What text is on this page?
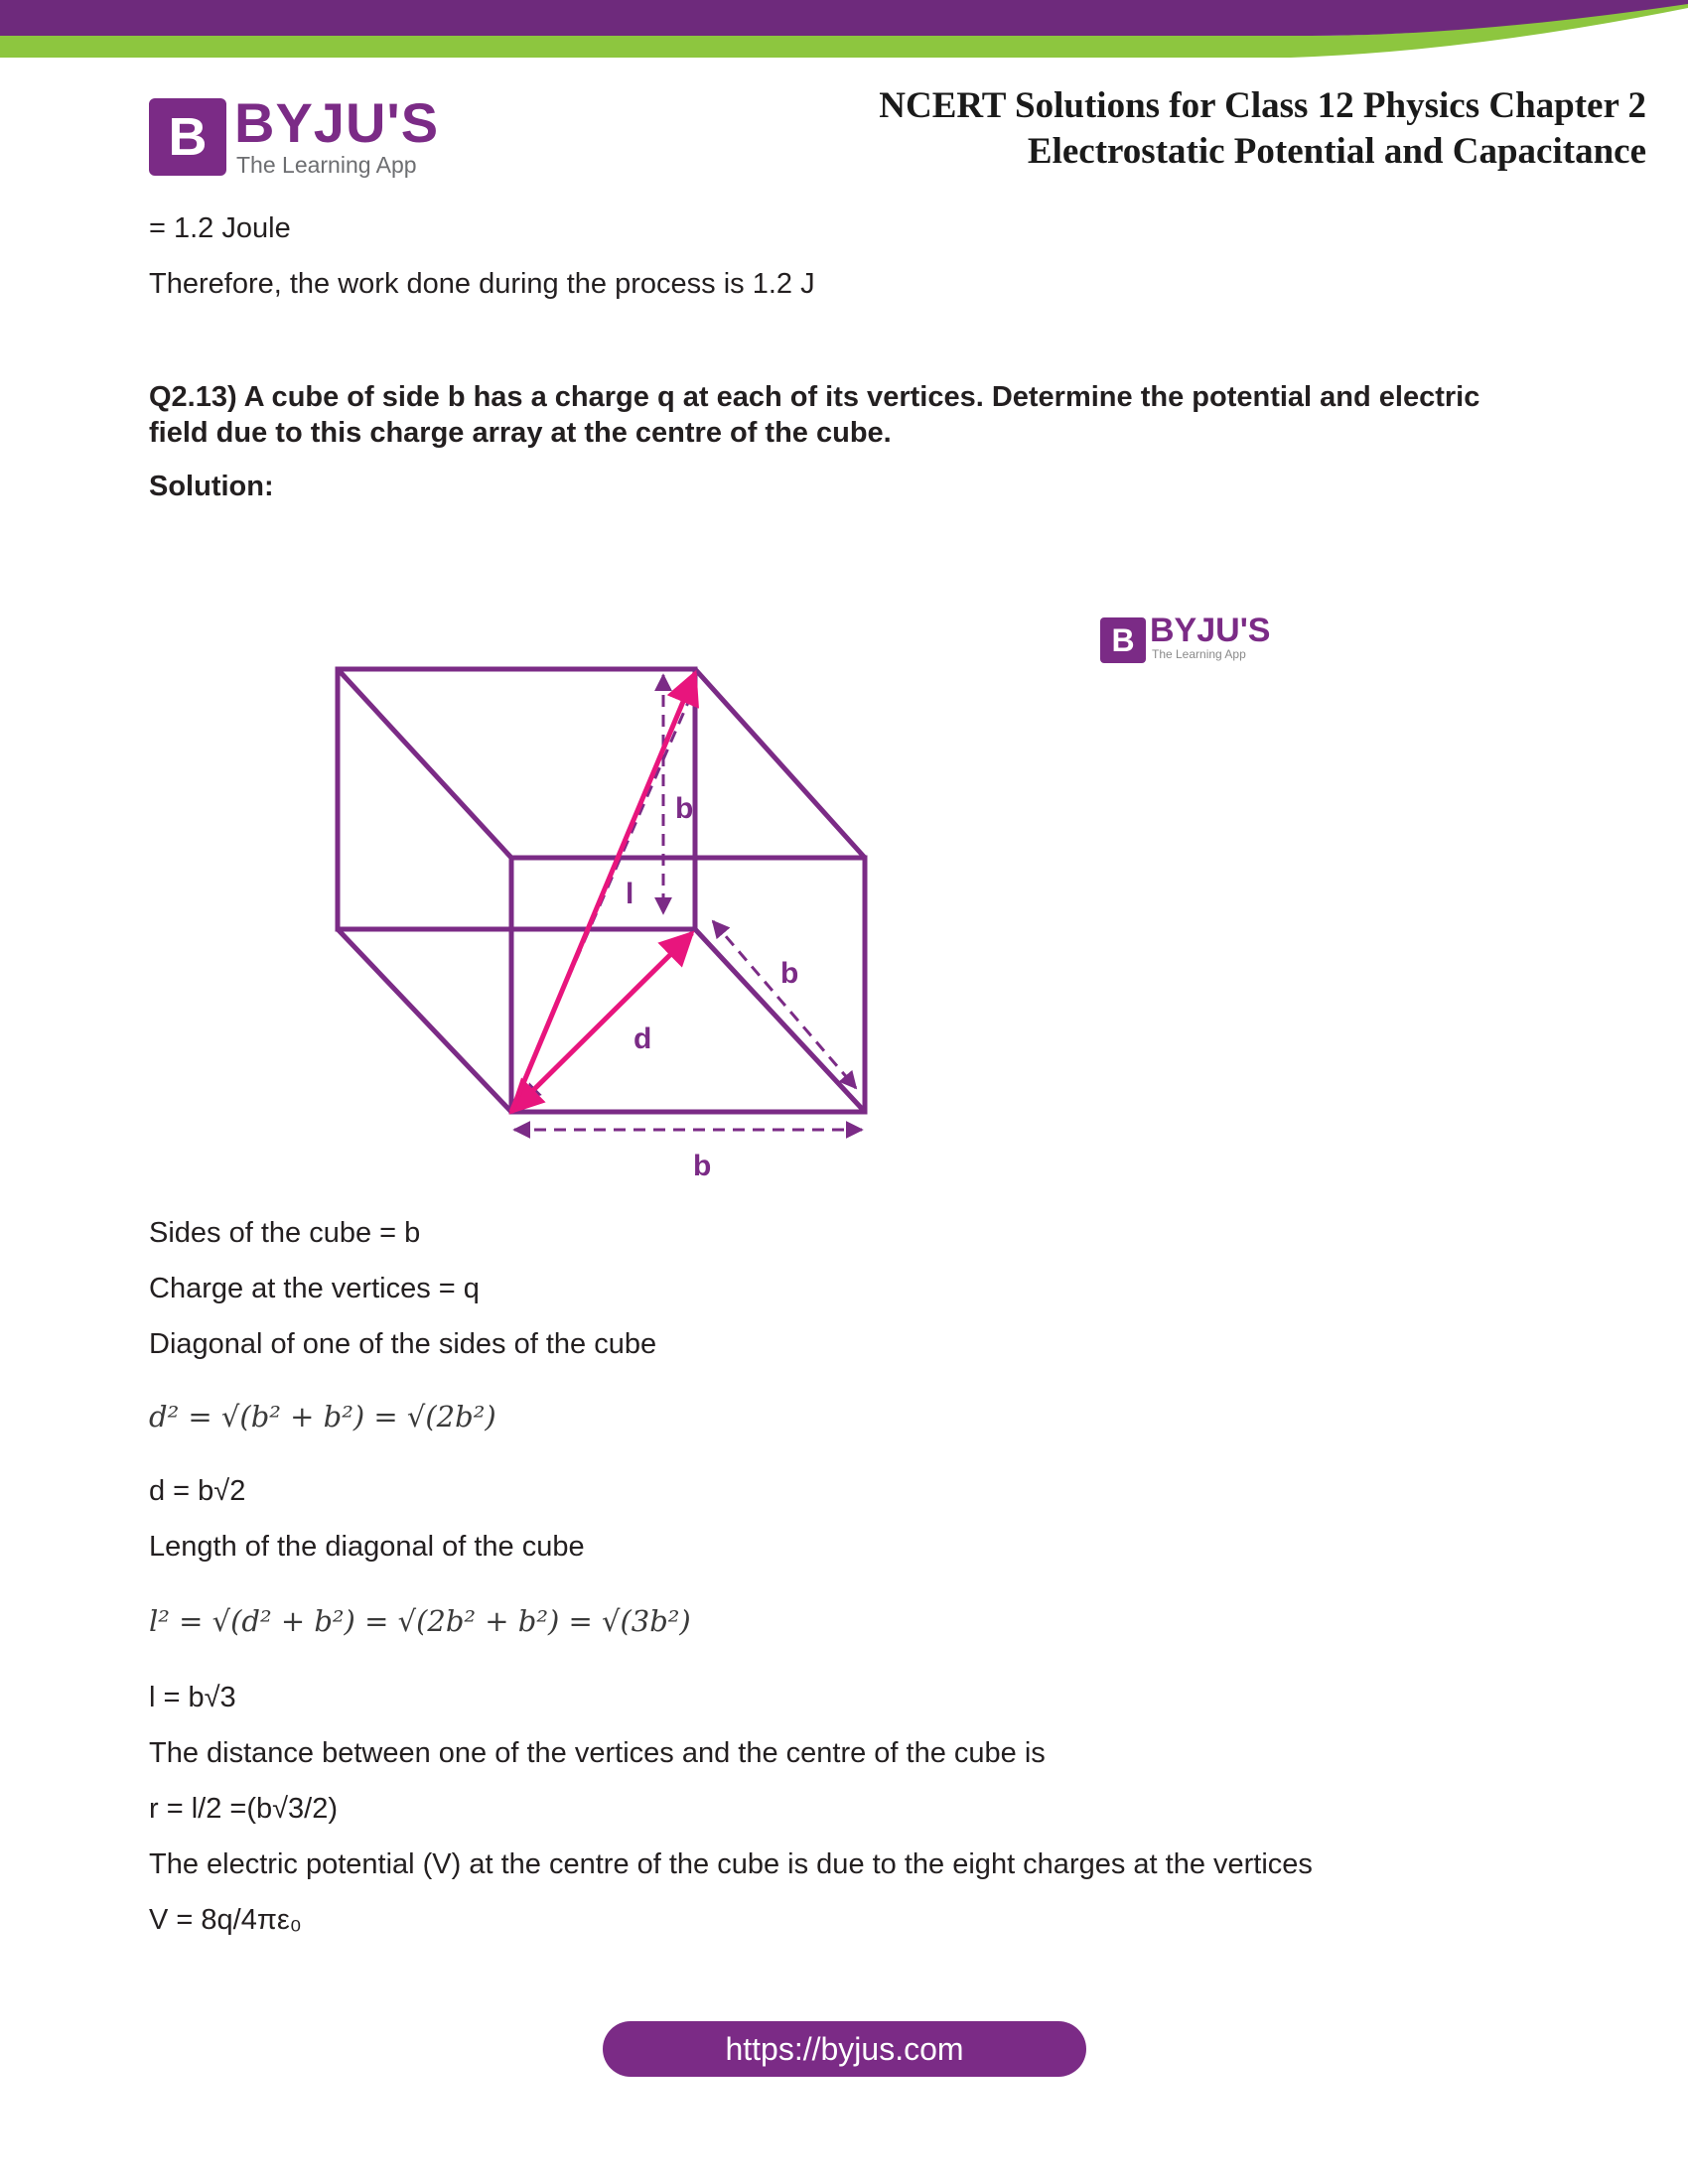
B BYJU'S
The Learning App
NCERT Solutions for Class 12 Physics Chapter 2
Electrostatic Potential and Capacitance
= 1.2 Joule
Therefore, the work done during the process is 1.2 J
Q2.13) A cube of side b has a charge q at each of its vertices. Determine the potential and electric field due to this charge array at the centre of the cube.
Solution:
b
l
b
d
b
B BYJU'S
The Learning App
Sides of the cube = b
Charge at the vertices = q
Diagonal of one of the sides of the cube
d² = √(b² + b²) = √(2b²)
d = b√2
Length of the diagonal of the cube
l² = √(d² + b²) = √(2b² + b²) = √(3b²)
l = b√3
The distance between one of the vertices and the centre of the cube is
r = l/2 =(b√3/2)
The electric potential (V) at the centre of the cube is due to the eight charges at the vertices
V = 8q/4πε₀
https://byjus.com
